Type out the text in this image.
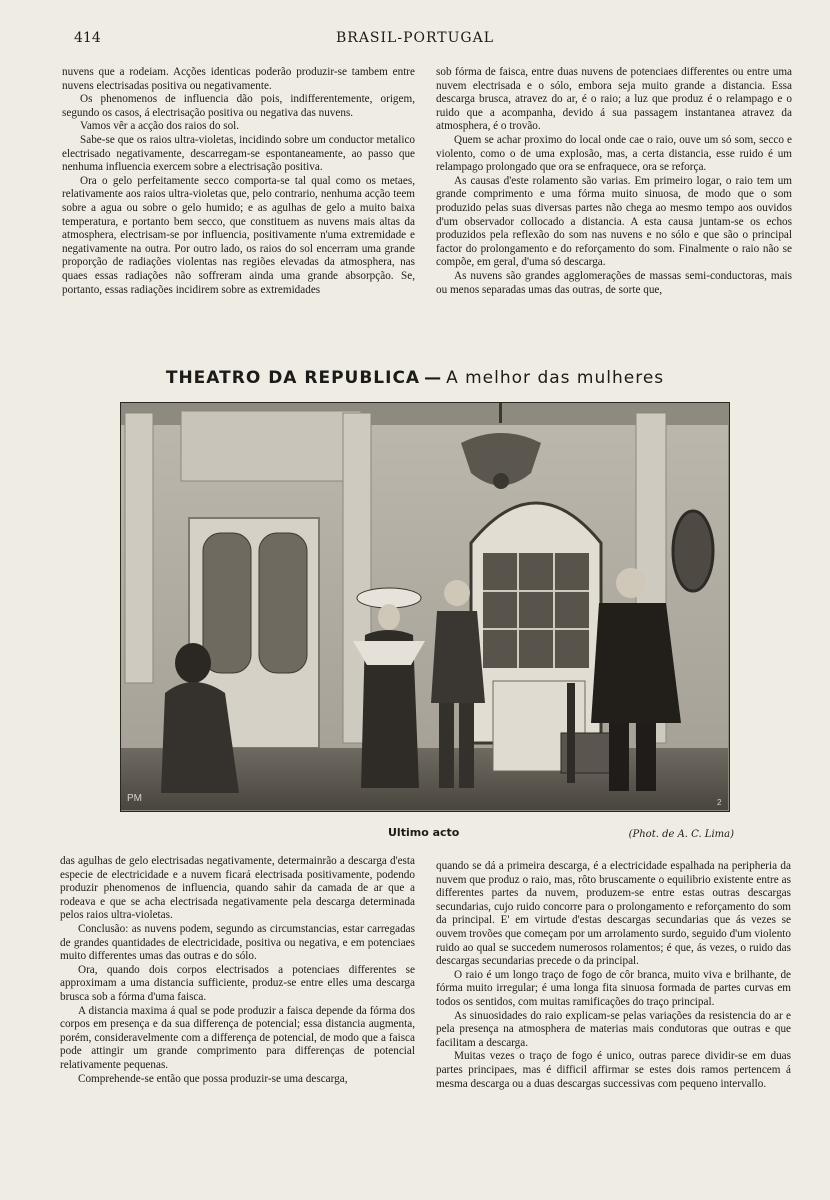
414	BRASIL-PORTUGAL

nuvens que a rodeiam. Acções identicas poderão produzir-se tambem entre nuvens electrisadas positiva ou negativamente.

Os phenomenos de influencia dão pois, indifferentemente, origem, segundo os casos, á electrisação positiva ou negativa das nuvens.

Vamos vêr a acção dos raios do sol.

Sabe-se que os raios ultra-violetas, incidindo sobre um conductor metalico electrisado negativamente, descarregam-se espontaneamente, ao passo que nenhuma influencia exercem sobre a electrisação positiva.

Ora o gelo perfeitamente secco comporta-se tal qual como os metaes, relativamente aos raios ultra-violetas que, pelo contrario, nenhuma acção teem sobre a agua ou sobre o gelo humido; e as agulhas de gelo a muito baixa temperatura, e portanto bem secco, que constituem as nuvens mais altas da atmosphera, electrisam-se por influencia, positivamente n'uma extremidade e negativamente na outra. Por outro lado, os raios do sol encerram uma grande proporção de radiações violentas nas regiões elevadas da atmosphera, nas quaes essas radiações não soffreram ainda uma grande absorpção. Se, portanto, essas radiações incidirem sobre as extremidades

sob fórma de faisca, entre duas nuvens de potenciaes differentes ou entre uma nuvem electrisada e o sólo, embora seja muito grande a distancia. Essa descarga brusca, atravez do ar, é o raio; a luz que produz é o relampago e o ruido que a acompanha, devido á sua passagem instantanea atravez da atmosphera, é o trovão.

Quem se achar proximo do local onde cae o raio, ouve um só som, secco e violento, como o de uma explosão, mas, a certa distancia, esse ruido é um relampago prolongado que ora se enfraquece, ora se reforça.

As causas d'este rolamento são varias. Em primeiro logar, o raio tem um grande comprimento e uma fórma muito sinuosa, de modo que o som produzido pelas suas diversas partes não chega ao mesmo tempo aos ouvidos d'um observador collocado a distancia. A esta causa juntam-se os echos produzidos pela reflexão do som nas nuvens e no sólo e que são o principal factor do prolongamento e do reforçamento do som. Finalmente o raio não se compõe, em geral, d'uma só descarga.

As nuvens são grandes agglomerações de massas semi-conductoras, mais ou menos separadas umas das outras, de sorte que,

THEATRO DA REPUBLICA — A melhor das mulheres
PM	2
Ultimo acto	(Phot. de A. C. Lima)

das agulhas de gelo electrisadas negativamente, determainrão a descarga d'esta especie de electricidade e a nuvem ficará electrisada positivamente, podendo produzir phenomenos de influencia, quando sahir da camada de ar que a rodeava e que se acha electrisada negativamente pela descarga determinada pelos raios ultra-violetas.

Conclusão: as nuvens podem, segundo as circumstancias, estar carregadas de grandes quantidades de electricidade, positiva ou negativa, e em potenciaes muito differentes umas das outras e do sólo.

Ora, quando dois corpos electrisados a potenciaes differentes se approximam a uma distancia sufficiente, produz-se entre elles uma descarga brusca sob a fórma d'uma faisca.

A distancia maxima á qual se pode produzir a faisca depende da fórma dos corpos em presença e da sua differença de potencial; essa distancia augmenta, porém, consideravelmente com a differença de potencial, de modo que a faisca pode attingir um grande comprimento para differenças de potencial relativamente pequenas.

Comprehende-se então que possa produzir-se uma descarga,

quando se dá a primeira descarga, é a electricidade espalhada na peripheria da nuvem que produz o raio, mas, rôto bruscamente o equilibrio existente entre as differentes partes da nuvem, produzem-se entre estas outras descargas secundarias, cujo ruido concorre para o prolongamento e reforçamento do som da principal. E' em virtude d'estas descargas secundarias que ás vezes se ouvem trovões que começam por um arrolamento surdo, seguido d'um violento ruido ao qual se succedem numerosos rolamentos; é que, ás vezes, o ruido das descargas secundarias precede o da principal.

O raio é um longo traço de fogo de côr branca, muito viva e brilhante, de fórma muito irregular; é uma longa fita sinuosa formada de partes curvas em todos os sentidos, com muitas ramificações do traço principal.

As sinuosidades do raio explicam-se pelas variações da resistencia do ar e pela presença na atmosphera de materias mais condutoras que outras e que facilitam a descarga.

Muitas vezes o traço de fogo é unico, outras parece dividir-se em duas partes principaes, mas é difficil affirmar se estes dois ramos pertencem á mesma descarga ou a duas descargas successivas com pequeno intervallo.
